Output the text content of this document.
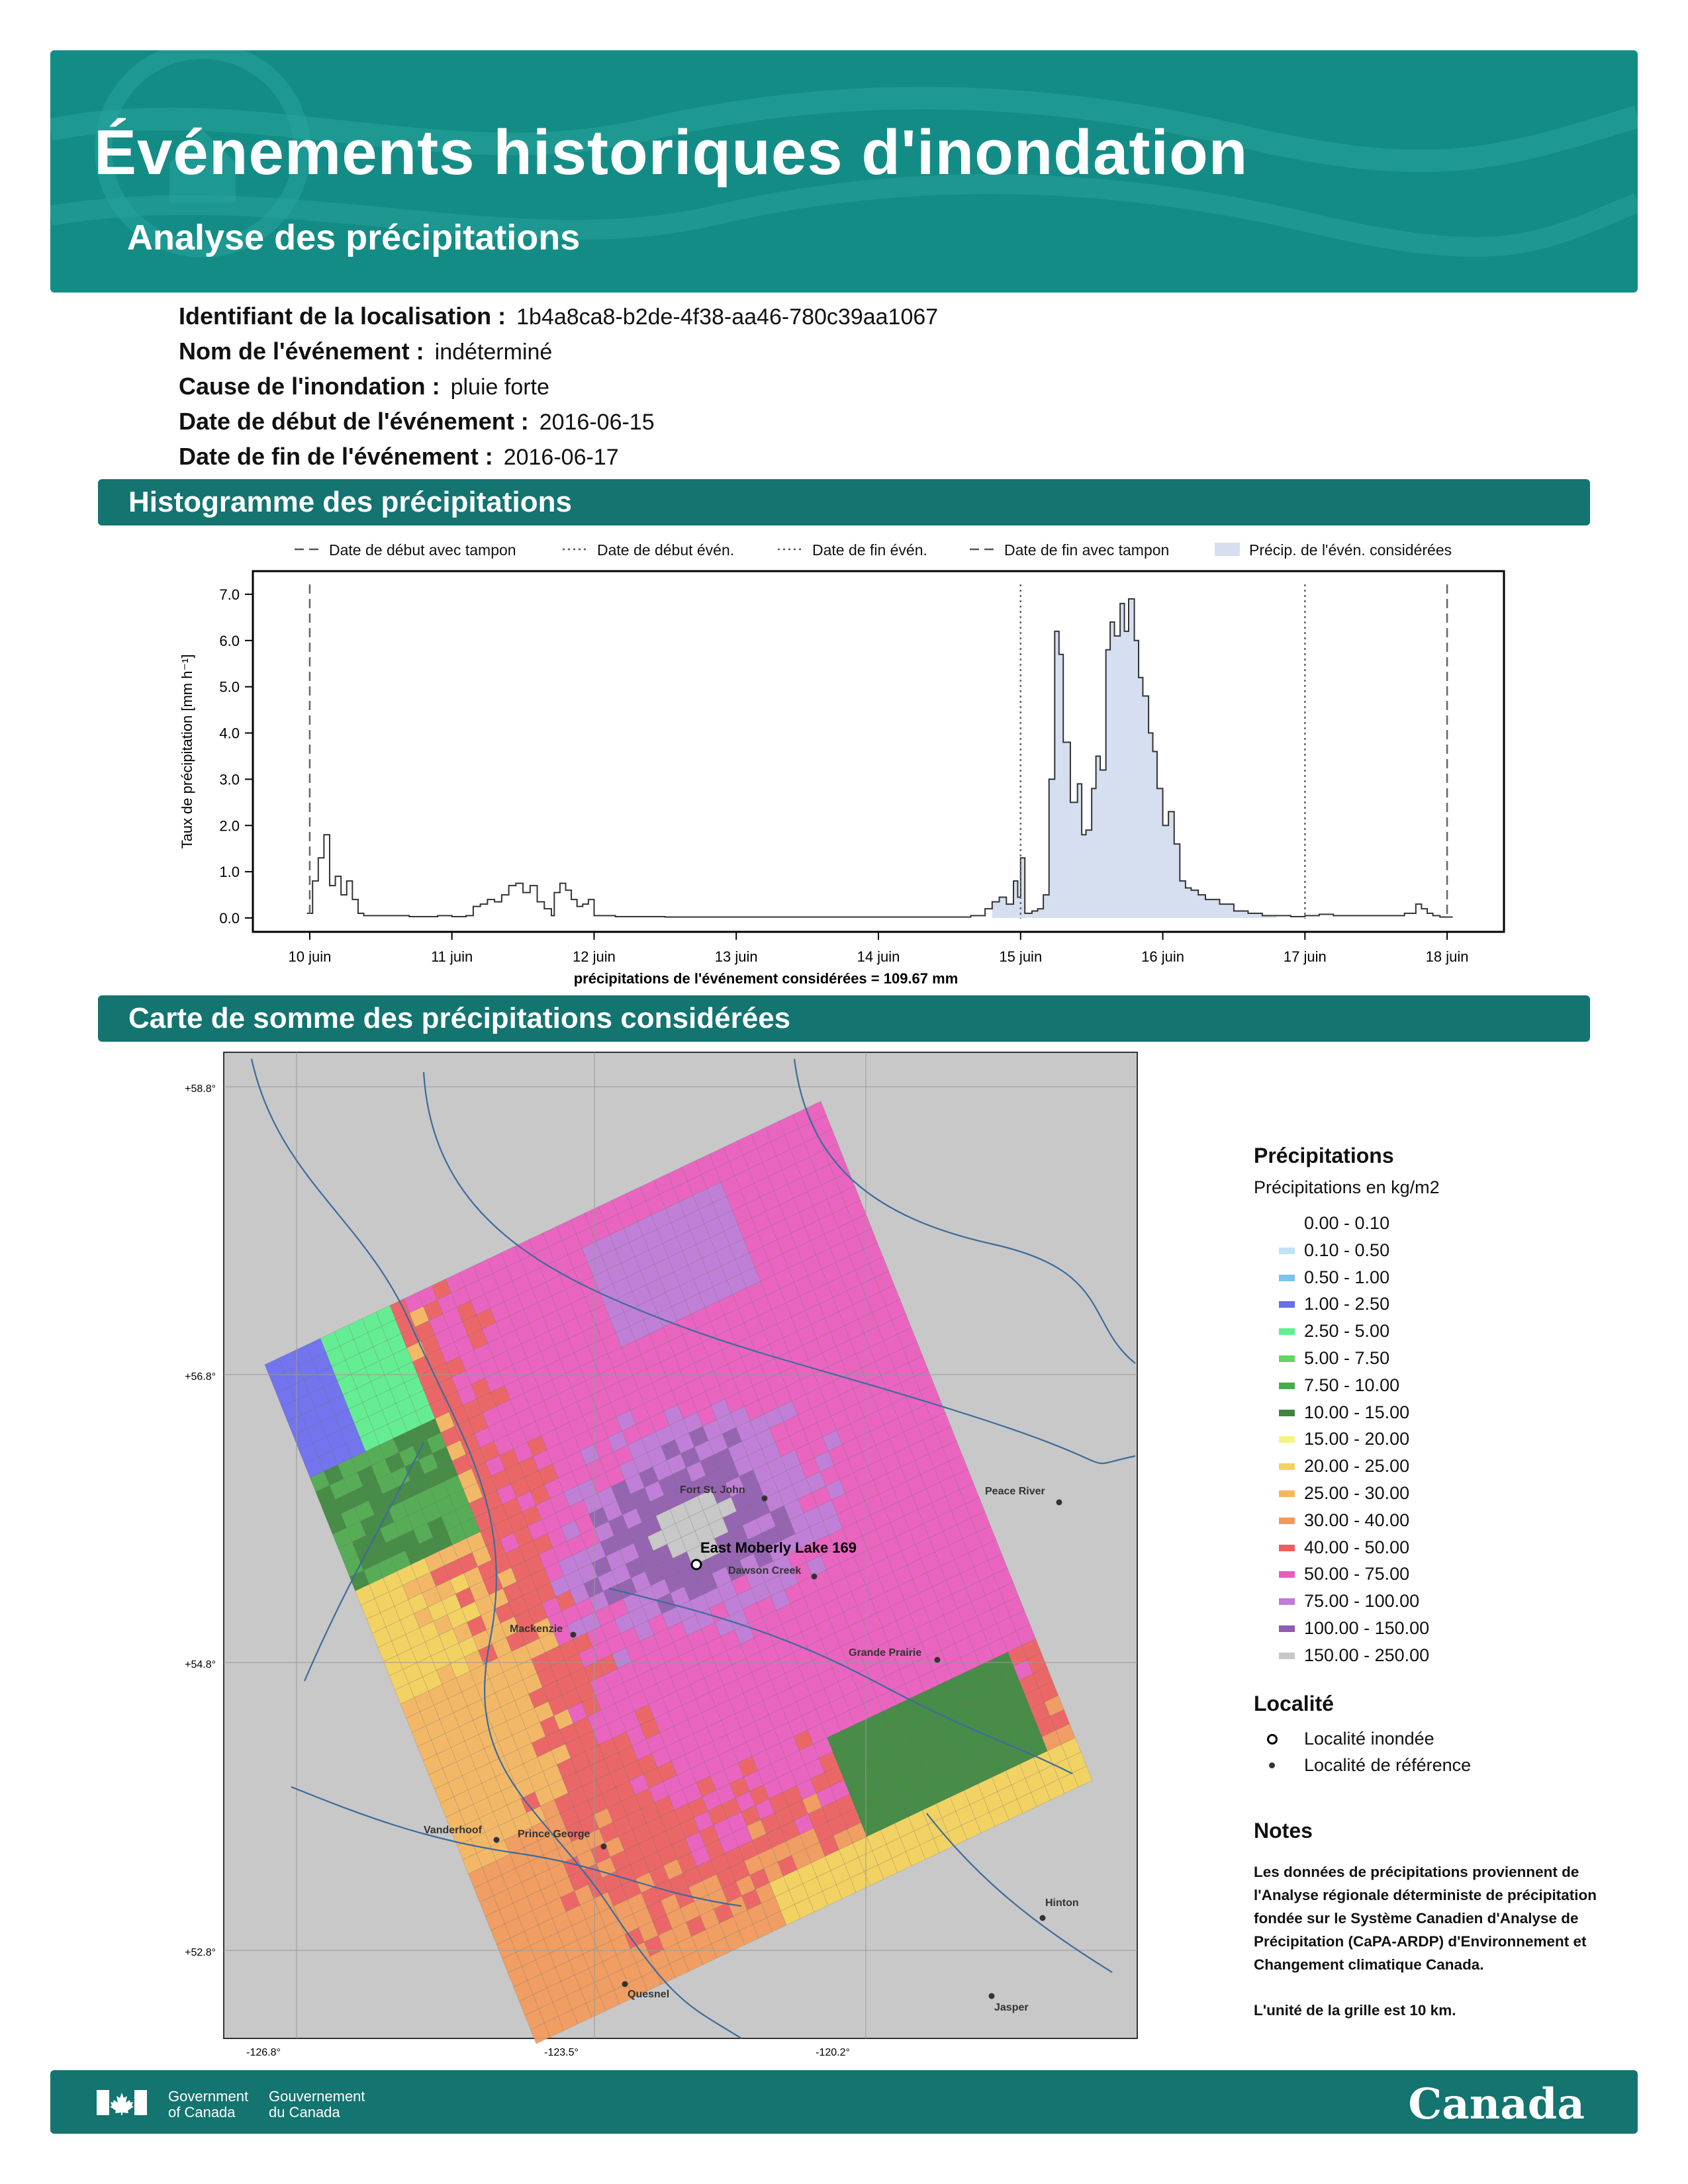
Événements historiques d'inondation
Analyse des précipitations
Identifiant de la localisation : 1b4a8ca8-b2de-4f38-aa46-780c39aa1067
Nom de l'événement : indéterminé
Cause de l'inondation : pluie forte
Date de début de l'événement : 2016-06-15
Date de fin de l'événement : 2016-06-17
Histogramme des précipitations
Date de début avec tampon	Date de début évén.	Date de fin évén.	Date de fin avec tampon	Précip. de l'évén. considérées
0.0
1.0
2.0
3.0
4.0
5.0
6.0
7.0
10 juin	11 juin	12 juin	13 juin	14 juin	15 juin	16 juin	17 juin	18 juin
Taux de précipitation [mm h⁻¹]
précipitations de l'événement considérées = 109.67 mm
Carte de somme des précipitations considérées
+58.8°
+56.8°
+54.8°
+52.8°
-126.8°	-123.5°	-120.2°
Fort St. John	Peace River
Dawson Creek
Mackenzie
Grande Prairie
Vanderhoof	Prince George
Hinton
Quesnel
Jasper
East Moberly Lake 169
Précipitations
Précipitations en kg/m2
0.00 - 0.10
0.10 - 0.50
0.50 - 1.00
1.00 - 2.50
2.50 - 5.00
5.00 - 7.50
7.50 - 10.00
10.00 - 15.00
15.00 - 20.00
20.00 - 25.00
25.00 - 30.00
30.00 - 40.00
40.00 - 50.00
50.00 - 75.00
75.00 - 100.00
100.00 - 150.00
150.00 - 250.00
Localité
Localité inondée
Localité de référence
Notes

Les données de précipitations proviennent de l'Analyse régionale déterministe de précipitation fondée sur le Système Canadien d'Analyse de Précipitation (CaPA-ARDP) d'Environnement et Changement climatique Canada.

L'unité de la grille est 10 km.

Government
of Canada
Gouvernement
du Canada	Canada
